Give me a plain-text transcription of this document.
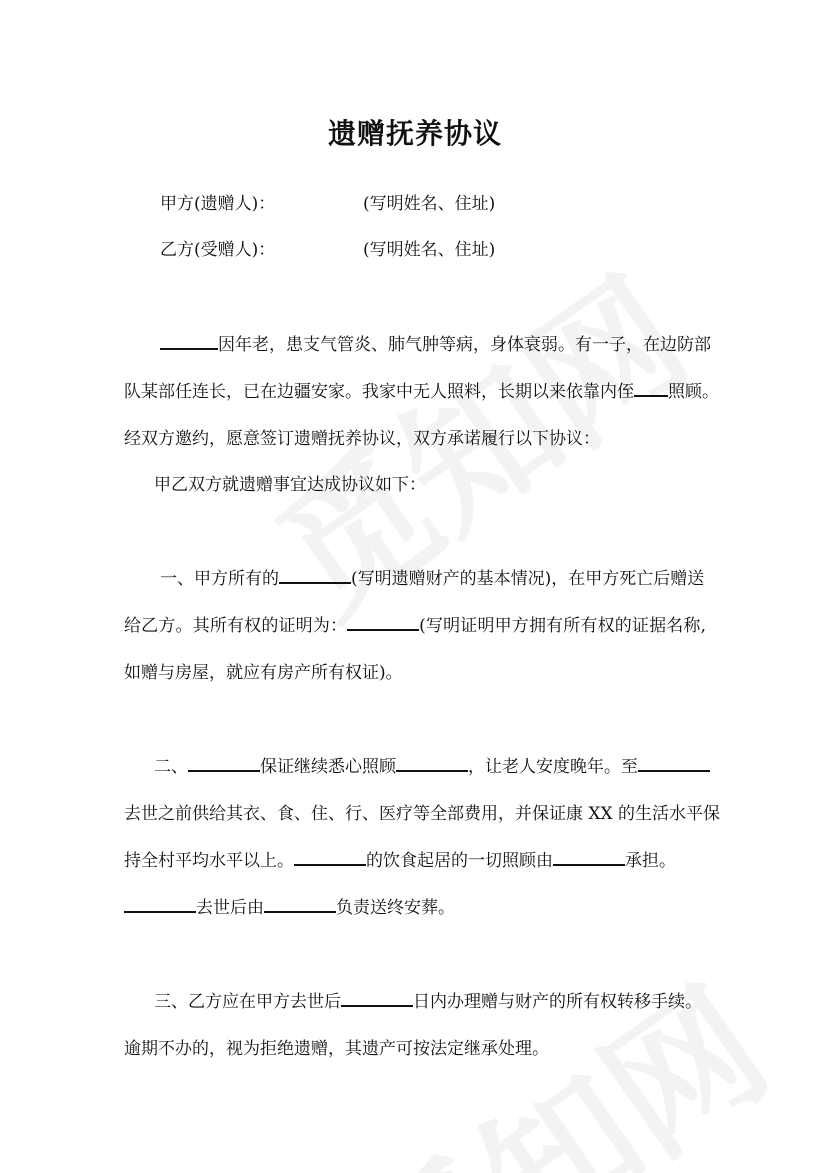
遗赠抚养协议
甲方(遗赠人)：	(写明姓名、住址)
乙方(受赠人)：	(写明姓名、住址)
因年老，患支气管炎、肺气肿等病，身体衰弱。有一子，在边防部
队某部任连长，已在边疆安家。我家中无人照料，长期以来依靠内侄 照顾。
经双方邀约，愿意签订遗赠抚养协议，双方承诺履行以下协议：
甲乙双方就遗赠事宜达成协议如下：
一、甲方所有的	(写明遗赠财产的基本情况)，在甲方死亡后赠送
给乙方。其所有权的证明为：	(写明证明甲方拥有所有权的证据名称,
如赠与房屋，就应有房产所有权证)。
二、	保证继续悉心照顾	，让老人安度晚年。至
去世之前供给其衣、食、住、行、医疗等全部费用，并保证康 XX 的生活水平保
持全村平均水平以上。	的饮食起居的一切照顾由	承担。
去世后由	负责送终安葬。
三、乙方应在甲方去世后	日内办理赠与财产的所有权转移手续。
逾期不办的，视为拒绝遗赠，其遗产可按法定继承处理。
